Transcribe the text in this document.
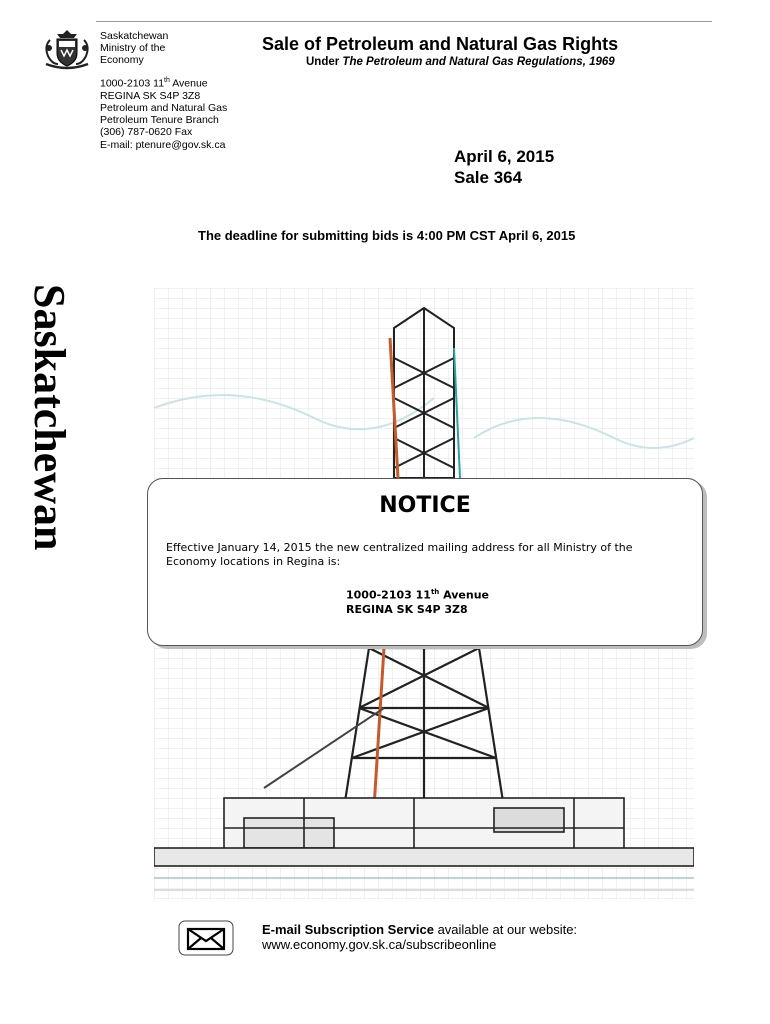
Saskatchewan
Ministry of the
Economy
1000-2103 11th Avenue
REGINA SK S4P 3Z8
Petroleum and Natural Gas
Petroleum Tenure Branch
(306) 787-0620 Fax
E-mail: ptenure@gov.sk.ca
Sale of Petroleum and Natural Gas Rights
Under The Petroleum and Natural Gas Regulations, 1969
April 6, 2015
Sale 364
The deadline for submitting bids is 4:00 PM CST April 6, 2015
Saskatchewan	NOTICE
Effective January 14, 2015 the new centralized mailing address for all Ministry of the Economy locations in Regina is:
1000-2103 11th Avenue
REGINA SK S4P 3Z8
E-mail Subscription Service available at our website:
www.economy.gov.sk.ca/subscribeonline
